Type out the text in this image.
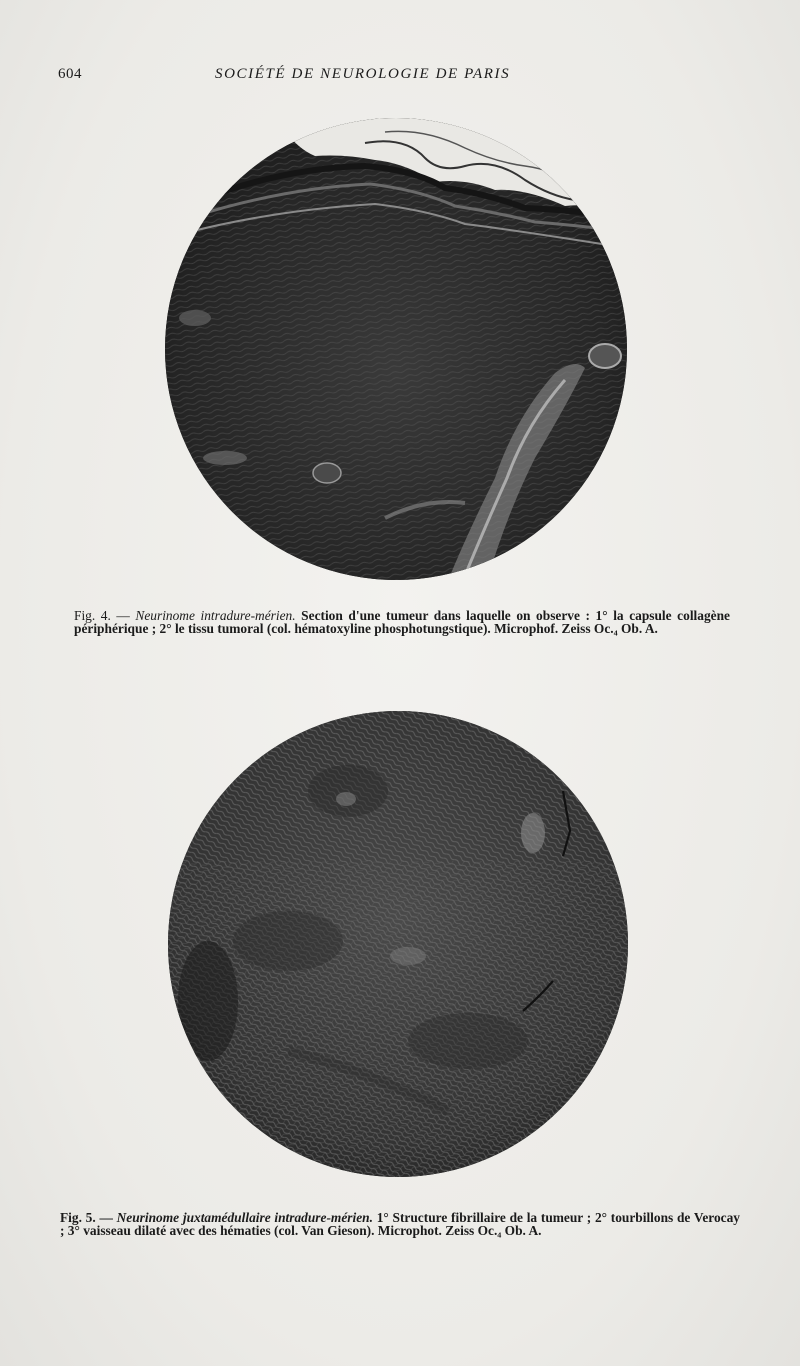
604	SOCIÉTÉ DE NEUROLOGIE DE PARIS
Fig. 4. — Neurinome intradure-mérien. Section d'une tumeur dans laquelle on observe : 1° la capsule collagène périphérique ; 2° le tissu tumoral (col. hématoxyline phosphotungstique). Microphof. Zeiss Oc.₄ Ob. A.
Fig. 5. — Neurinome juxtamédullaire intradure-mérien. 1° Structure fibrillaire de la tumeur ; 2° tourbillons de Verocay ; 3° vaisseau dilaté avec des hématies (col. Van Gieson). Microphot. Zeiss Oc.₄ Ob. A.
